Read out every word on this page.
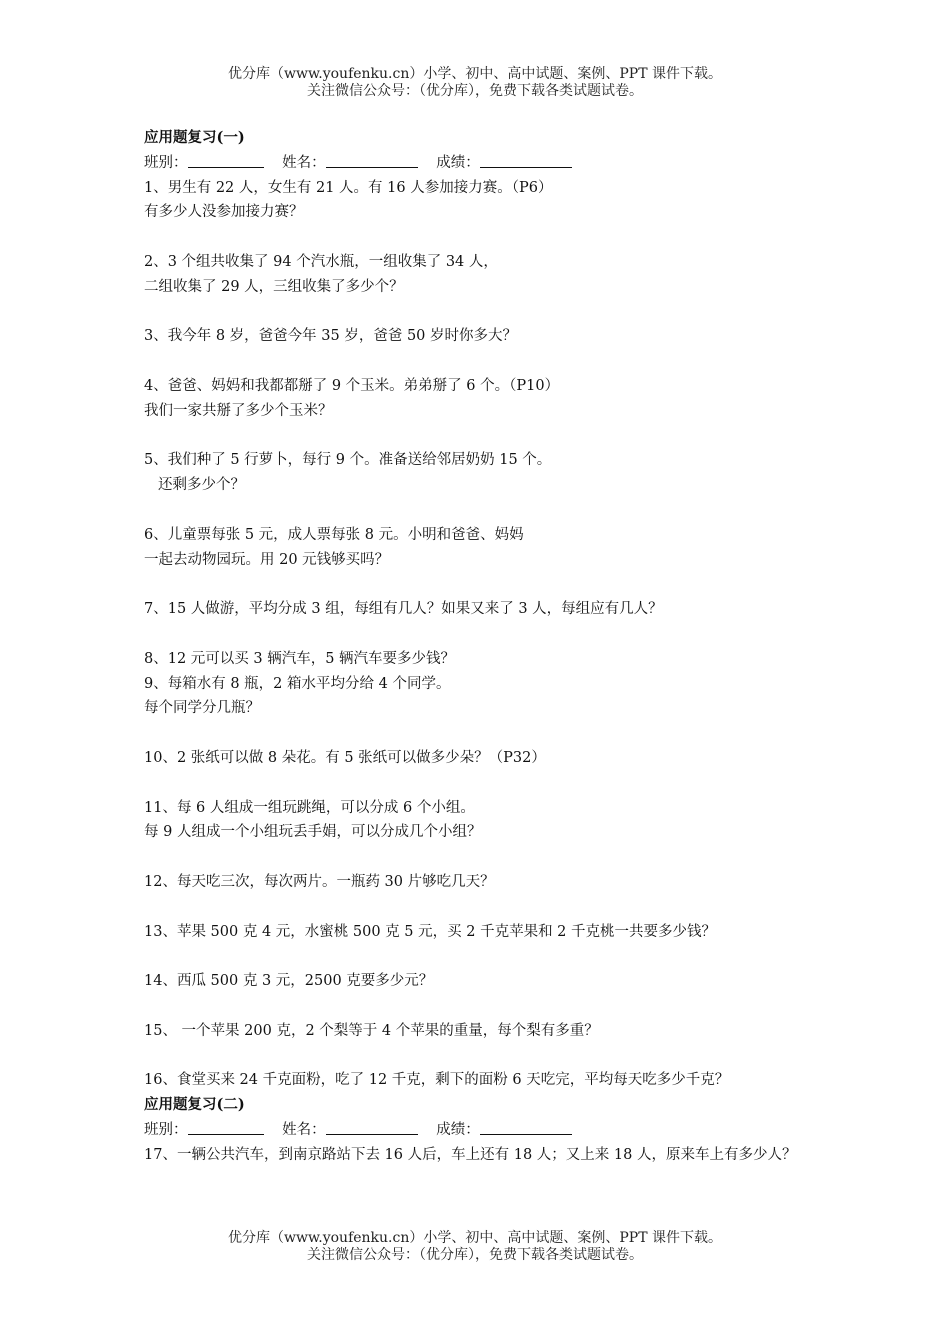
优分库（www.youfenku.cn）小学、初中、高中试题、案例、PPT 课件下载。
关注微信公众号：（优分库），免费下载各类试题试卷。
应用题复习(一)
班别：	姓名：	成绩：
1、男生有 22 人，女生有 21 人。有 16 人参加接力赛。（P6）
有多少人没参加接力赛？
2、3 个组共收集了 94 个汽水瓶，一组收集了 34 人，
二组收集了 29 人，三组收集了多少个？
3、我今年 8 岁，爸爸今年 35 岁，爸爸 50 岁时你多大？
4、爸爸、妈妈和我都都掰了 9 个玉米。弟弟掰了 6 个。（P10）
我们一家共掰了多少个玉米？
5、我们种了 5 行萝卜，每行 9 个。准备送给邻居奶奶 15 个。
还剩多少个？
6、儿童票每张 5 元，成人票每张 8 元。小明和爸爸、妈妈
一起去动物园玩。用 20 元钱够买吗？
7、15 人做游，平均分成 3 组，每组有几人？如果又来了 3 人，每组应有几人？
8、12 元可以买 3 辆汽车，5 辆汽车要多少钱？
9、每箱水有 8 瓶，2 箱水平均分给 4 个同学。
每个同学分几瓶？
10、2 张纸可以做 8 朵花。有 5 张纸可以做多少朵？（P32）
11、每 6 人组成一组玩跳绳，可以分成 6 个小组。
每 9 人组成一个小组玩丢手娟，可以分成几个小组？
12、每天吃三次，每次两片。一瓶药 30 片够吃几天？
13、苹果 500 克 4 元，水蜜桃 500 克 5 元，买 2 千克苹果和 2 千克桃一共要多少钱？
14、西瓜 500 克 3 元，2500 克要多少元？
15、 一个苹果 200 克，2 个梨等于 4 个苹果的重量，每个梨有多重？
16、食堂买来 24 千克面粉，吃了 12 千克，剩下的面粉 6 天吃完，平均每天吃多少千克？
应用题复习(二)
班别：	姓名：	成绩：
17、一辆公共汽车，到南京路站下去 16 人后，车上还有 18 人；又上来 18 人，原来车上有多少人？
优分库（www.youfenku.cn）小学、初中、高中试题、案例、PPT 课件下载。
关注微信公众号：（优分库），免费下载各类试题试卷。
